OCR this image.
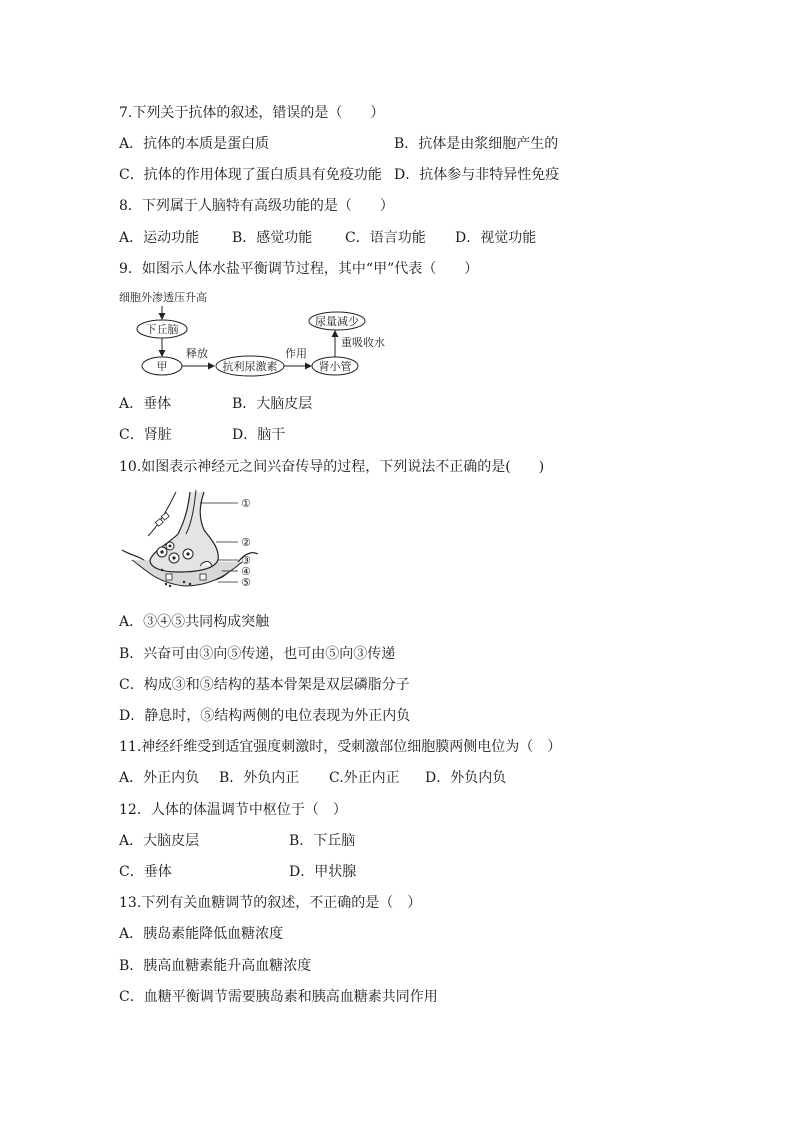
7.下列关于抗体的叙述，错误的是（　　）
A．抗体的本质是蛋白质	B．抗体是由浆细胞产生的
C．抗体的作用体现了蛋白质具有免疫功能 D．抗体参与非特异性免疫
8．下列属于人脑特有高级功能的是（　　）
A．运动功能 B．感觉功能 C．语言功能 D．视觉功能
9．如图示人体水盐平衡调节过程，其中“甲”代表（　　）
细胞外渗透压升高
下丘脑
甲
释放
抗利尿激素
作用
肾小管
重吸收水
尿量减少
A．垂体	B．大脑皮层
C．肾脏	D．脑干
10.如图表示神经元之间兴奋传导的过程，下列说法不正确的是(　　)
①
②
③
④
⑤
A．③④⑤共同构成突触
B．兴奋可由③向⑤传递，也可由⑤向③传递
C．构成③和⑤结构的基本骨架是双层磷脂分子
D．静息时，⑤结构两侧的电位表现为外正内负
11.神经纤维受到适宜强度刺激时，受刺激部位细胞膜两侧电位为（　）
A．外正内负 B．外负内正 C.外正内正 D．外负内负
12．人体的体温调节中枢位于（　）
A．大脑皮层	B．下丘脑
C．垂体	D．甲状腺
13.下列有关血糖调节的叙述，不正确的是（　）
A．胰岛素能降低血糖浓度
B．胰高血糖素能升高血糖浓度
C．血糖平衡调节需要胰岛素和胰高血糖素共同作用
